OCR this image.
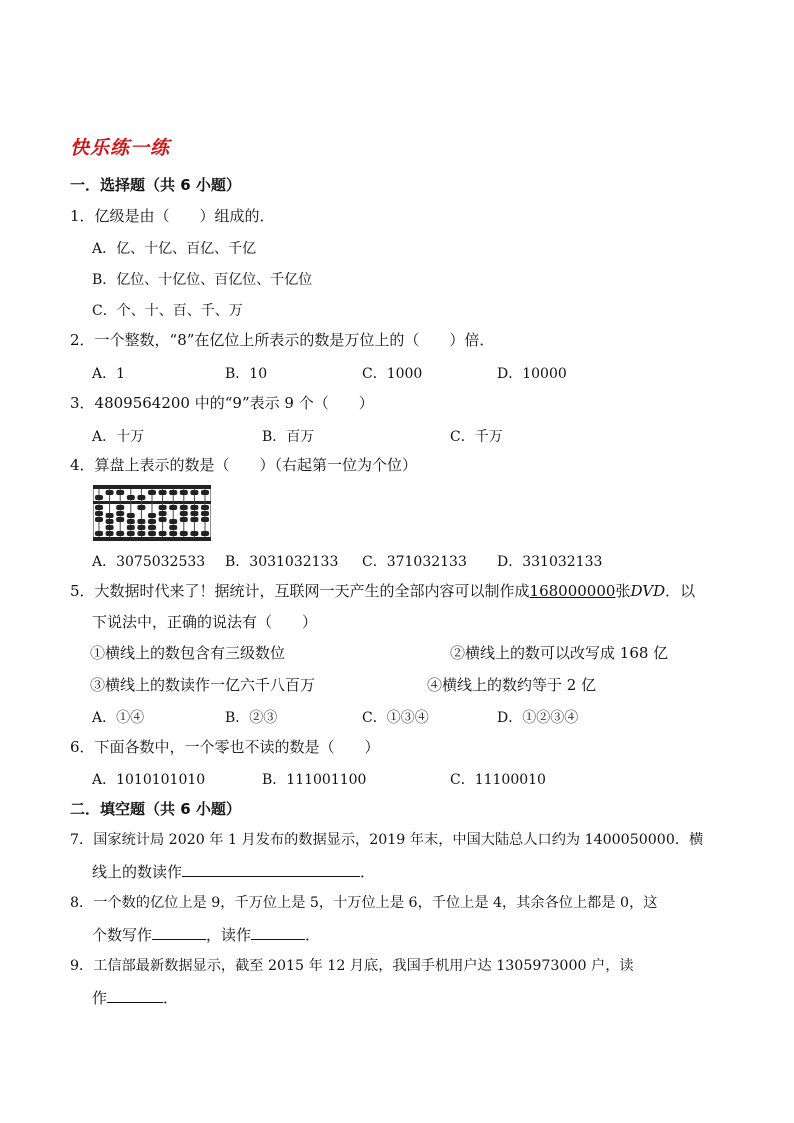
快乐练一练
一．选择题（共 6 小题）
1．亿级是由（　　）组成的．
A．亿、十亿、百亿、千亿
B．亿位、十亿位、百亿位、千亿位
C．个、十、百、千、万
2．一个整数，“8”在亿位上所表示的数是万位上的（　　）倍．
A．1	B．10	C．1000	D．10000
3．4809564200 中的“9”表示 9 个（　　）
A．十万	B．百万	C．千万
4．算盘上表示的数是（　　）（右起第一位为个位）
A．3075032533 B．3031032133 C．371032133 D．331032133
5．大数据时代来了！据统计，互联网一天产生的全部内容可以制作成168000000张DVD．以
下说法中，正确的说法有（　　）
①横线上的数包含有三级数位	②横线上的数可以改写成 168 亿
③横线上的数读作一亿六千八百万	④横线上的数约等于 2 亿
A．①④	B．②③	C．①③④	D．①②③④
6．下面各数中，一个零也不读的数是（　　）
A．1010101010	B．111001100	C．11100010
二．填空题（共 6 小题）
7．国家统计局 2020 年 1 月发布的数据显示，2019 年末，中国大陆总人口约为 1400050000．横
线上的数读作	．
8．一个数的亿位上是 9，千万位上是 5，十万位上是 6，千位上是 4，其余各位上都是 0，这
个数写作	，读作	．
9．工信部最新数据显示，截至 2015 年 12 月底，我国手机用户达 1305973000 户，读
作	．
